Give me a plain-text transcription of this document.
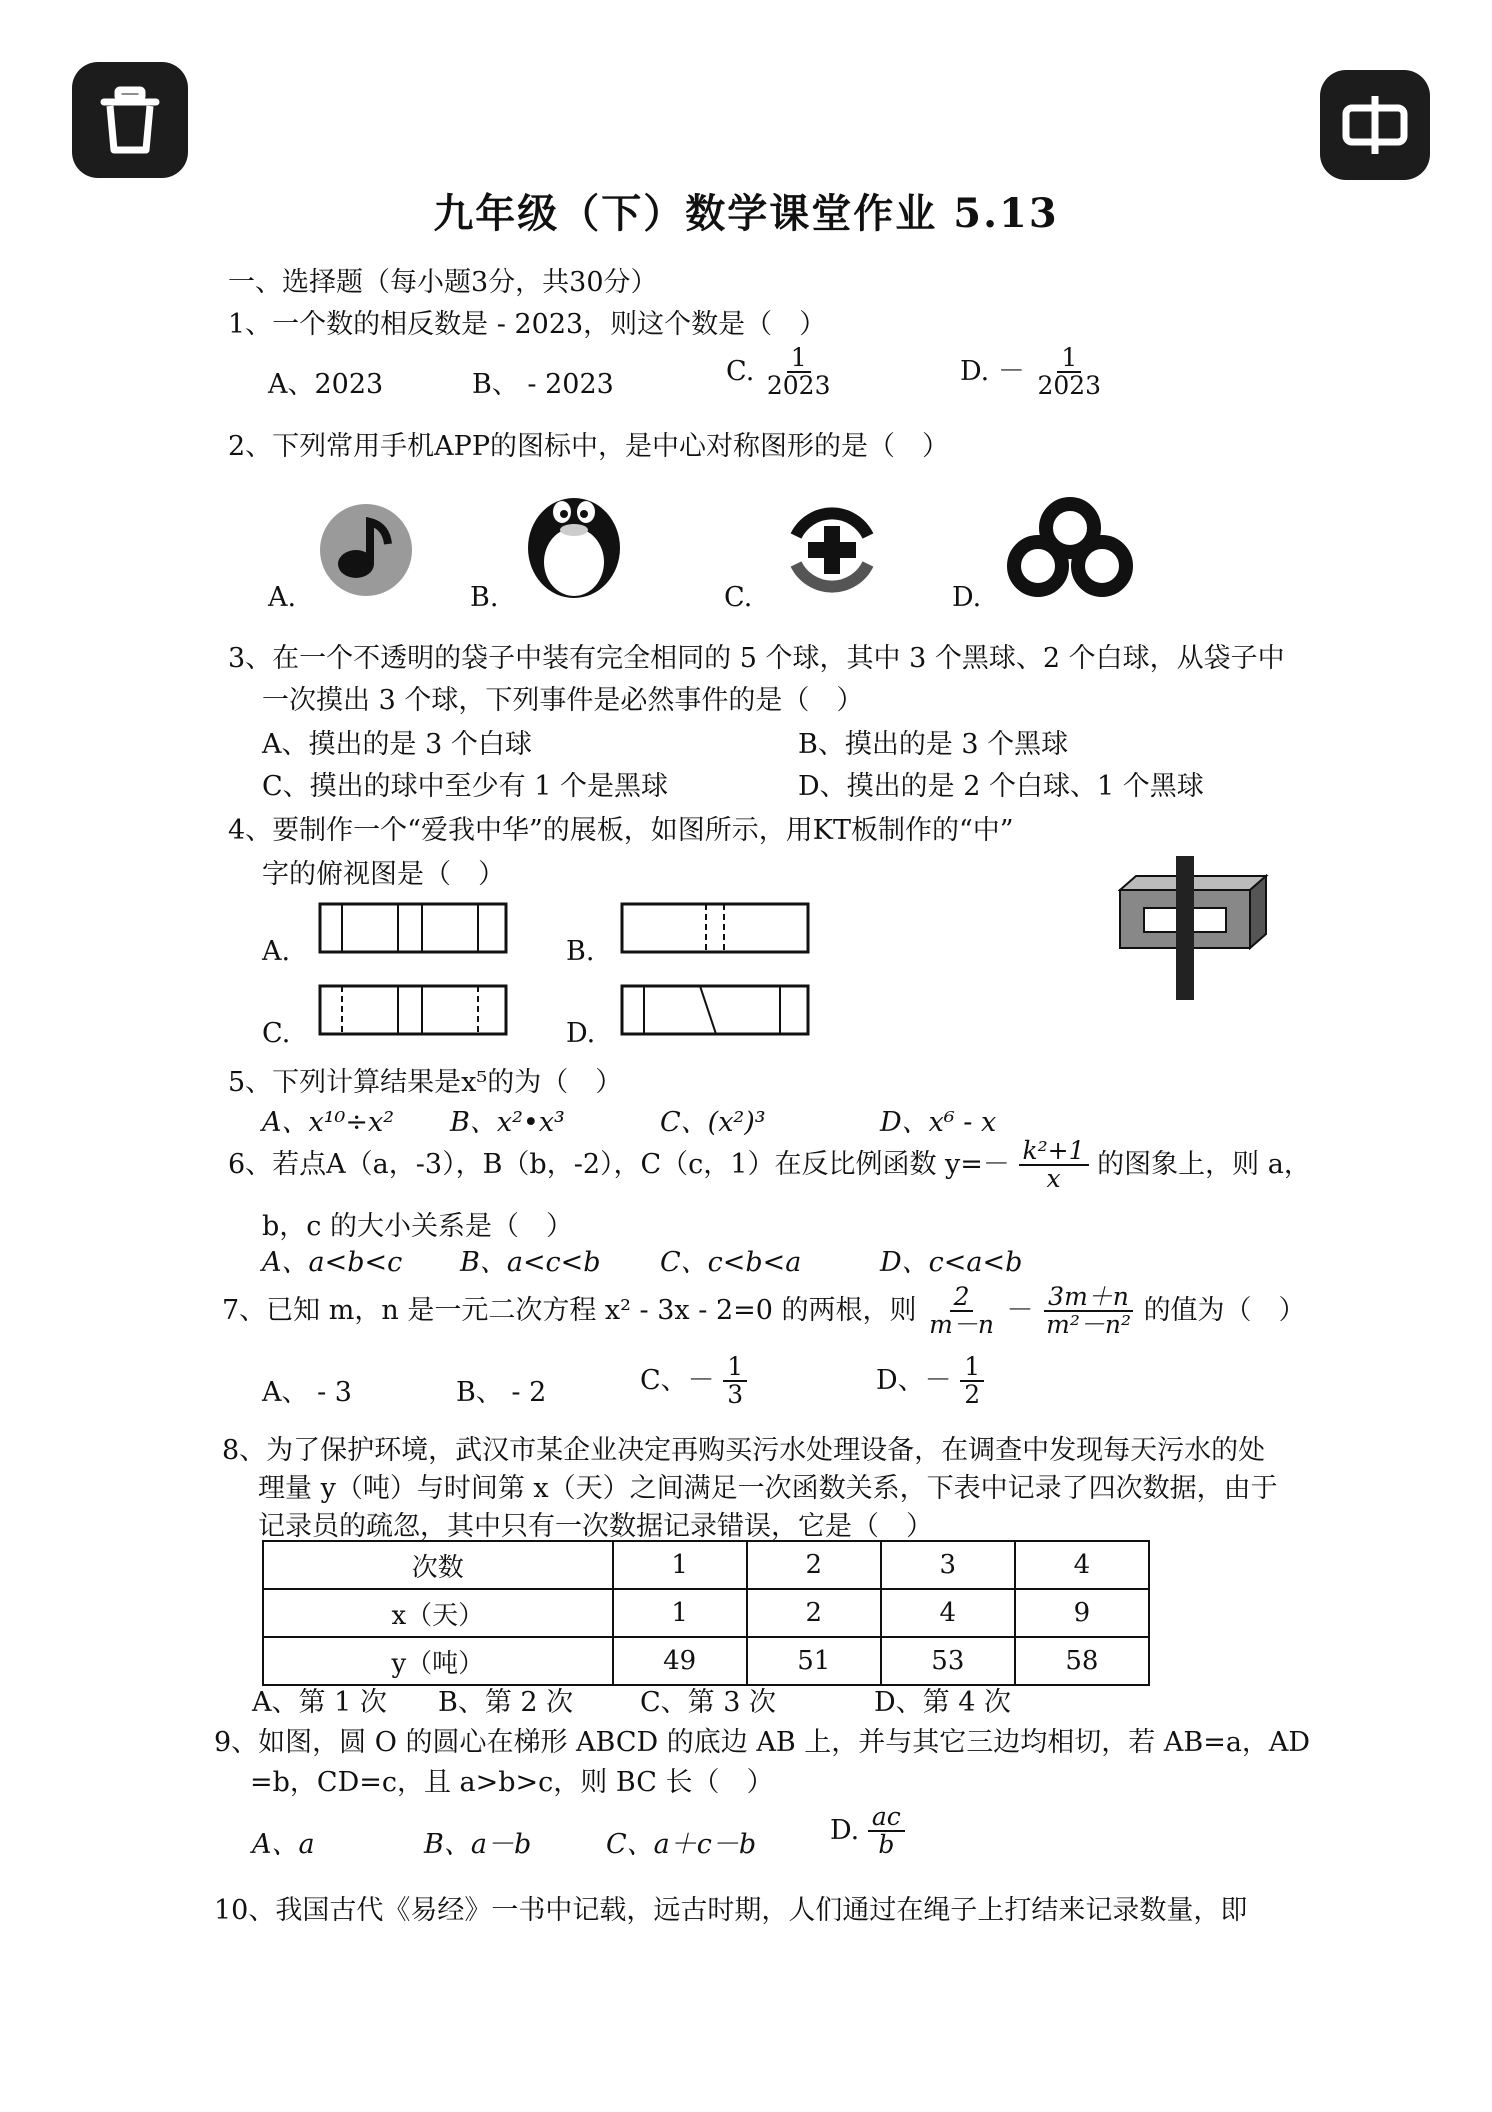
九年级（下）数学课堂作业 5.13
一、选择题（每小题3分，共30分）
1、一个数的相反数是 - 2023，则这个数是（　）
A、2023	B、 - 2023	C. $\frac{1}{2023}$	D. － $\frac{1}{2023}$
2、下列常用手机APP的图标中，是中心对称图形的是（　）
A.	B.	C.	D.
3、在一个不透明的袋子中装有完全相同的 5 个球，其中 3 个黑球、2 个白球，从袋子中
一次摸出 3 个球，下列事件是必然事件的是（　）
A、摸出的是 3 个白球	B、摸出的是 3 个黑球
C、摸出的球中至少有 1 个是黑球	D、摸出的是 2 个白球、1 个黑球
4、要制作一个“爱我中华”的展板，如图所示，用KT板制作的“中”
字的俯视图是（　）
A.	B.
C.	D.
5、下列计算结果是x⁵的为（　）
A、x¹⁰÷x² B、x²•x³	C、(x²)³	D、x⁶ - x
6、若点A（a，-3），B（b，-2），C（c，1）在反比例函数 $y=- \frac{\text{k²+1}}{x}$ 的图象上，则 a，
b，c 的大小关系是（　）
A、a<b<c B、a<c<b C、c<b<a	D、c<a<b
7、已知 m，n 是一元二次方程 x² - 3x - 2=0 的两根，则 $\frac{2}{m-n} - \frac{3m+n}{\text{m²－n²}}$ 的值为（　）
A、 - 3	B、 - 2	C、－ $\frac{1}{3}$	D、－ $\frac{1}{2}$
8、为了保护环境，武汉市某企业决定再购买污水处理设备，在调查中发现每天污水的处
理量 y（吨）与时间第 x（天）之间满足一次函数关系，下表中记录了四次数据，由于
记录员的疏忽，其中只有一次数据记录错误，它是（　）
次数	1	2	3	4
x（天）	1	2	4	9
y（吨）	49	51	53	58
A、第 1 次 B、第 2 次 C、第 3 次	D、第 4 次
9、如图，圆 O 的圆心在梯形 ABCD 的底边 AB 上，并与其它三边均相切，若 AB=a，AD
=b，CD=c，且 a>b>c，则 BC 长（　）
A、a	B、a－b	C、a＋c－b	D. $\frac{ac}{b}$
10、我国古代《易经》一书中记载，远古时期，人们通过在绳子上打结来记录数量，即
